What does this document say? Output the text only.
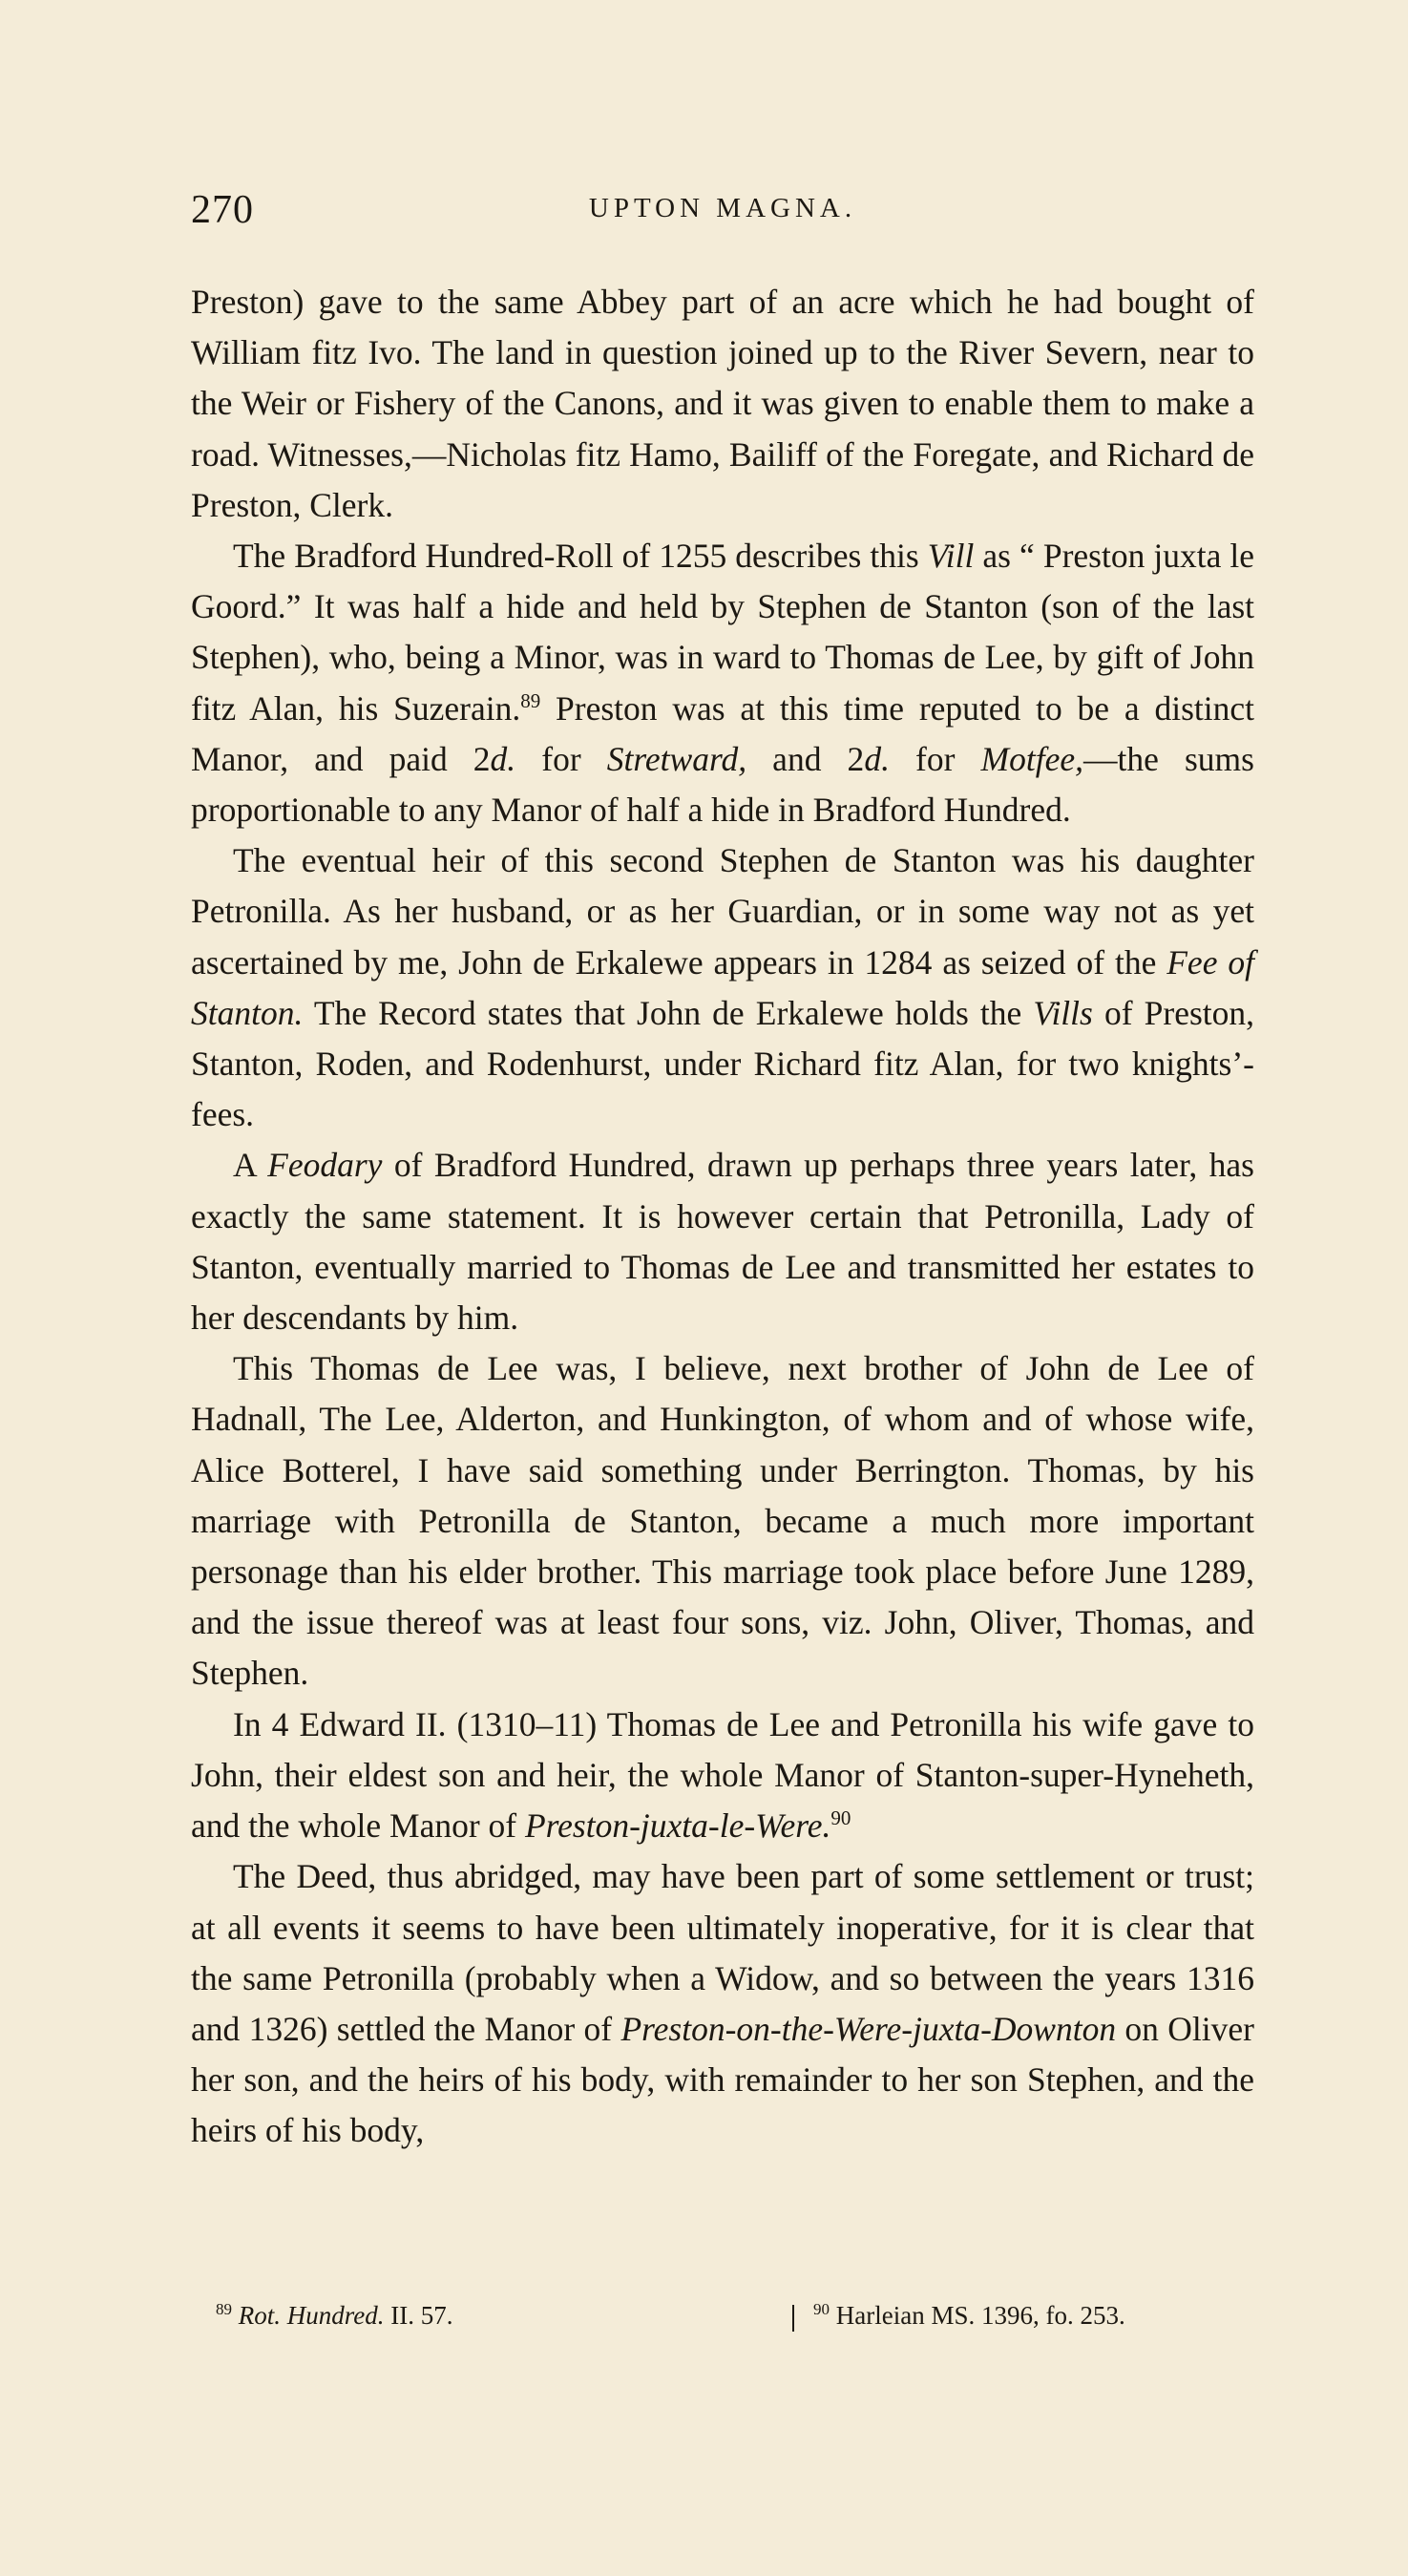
270	UPTON MAGNA.

Preston) gave to the same Abbey part of an acre which he had bought of William fitz Ivo. The land in question joined up to the River Severn, near to the Weir or Fishery of the Canons, and it was given to enable them to make a road. Witnesses,—Nicholas fitz Hamo, Bailiff of the Foregate, and Richard de Preston, Clerk.

The Bradford Hundred-Roll of 1255 describes this Vill as “ Preston juxta le Goord.” It was half a hide and held by Stephen de Stanton (son of the last Stephen), who, being a Minor, was in ward to Thomas de Lee, by gift of John fitz Alan, his Suzerain.$^{89}$ Preston was at this time reputed to be a distinct Manor, and paid 2d. for Stretward, and 2d. for Motfee,—the sums proportionable to any Manor of half a hide in Bradford Hundred.

The eventual heir of this second Stephen de Stanton was his daughter Petronilla. As her husband, or as her Guardian, or in some way not as yet ascertained by me, John de Erkalewe appears in 1284 as seized of the Fee of Stanton. The Record states that John de Erkalewe holds the Vills of Preston, Stanton, Roden, and Rodenhurst, under Richard fitz Alan, for two knights’-fees.

A Feodary of Bradford Hundred, drawn up perhaps three years later, has exactly the same statement. It is however certain that Petronilla, Lady of Stanton, eventually married to Thomas de Lee and transmitted her estates to her descendants by him.

This Thomas de Lee was, I believe, next brother of John de Lee of Hadnall, The Lee, Alderton, and Hunkington, of whom and of whose wife, Alice Botterel, I have said something under Berrington. Thomas, by his marriage with Petronilla de Stanton, became a much more important personage than his elder brother. This marriage took place before June 1289, and the issue thereof was at least four sons, viz. John, Oliver, Thomas, and Stephen.

In 4 Edward II. (1310–11) Thomas de Lee and Petronilla his wife gave to John, their eldest son and heir, the whole Manor of Stanton-super-Hyneheth, and the whole Manor of Preston-juxta-le-Were.$^{90}$

The Deed, thus abridged, may have been part of some settlement or trust; at all events it seems to have been ultimately inoperative, for it is clear that the same Petronilla (probably when a Widow, and so between the years 1316 and 1326) settled the Manor of Preston-on-the-Were-juxta-Downton on Oliver her son, and the heirs of his body, with remainder to her son Stephen, and the heirs of his body,

$^{89}$ Rot. Hundred. II. 57.	$^{90}$ Harleian MS. 1396, fo. 253.
